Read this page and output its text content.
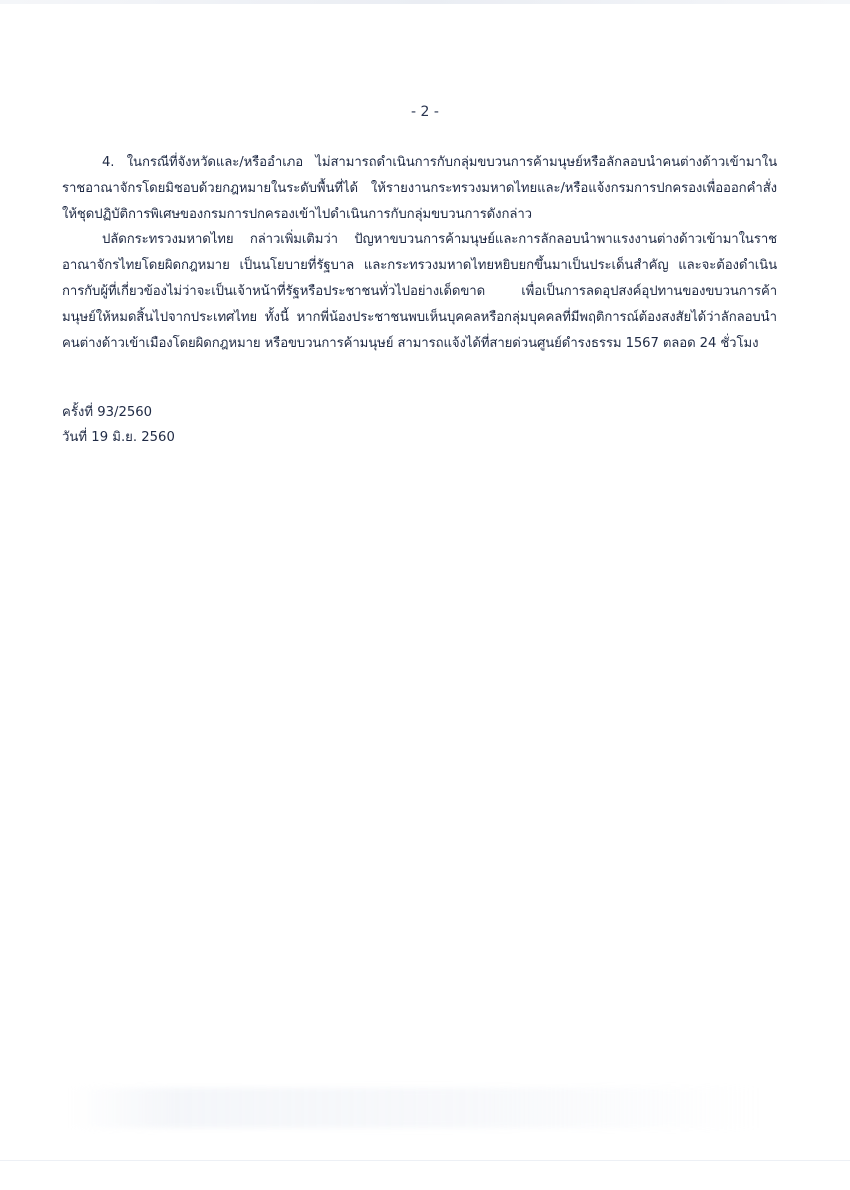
- 2 -

4. ในกรณีที่จังหวัดและ/หรืออำเภอ ไม่สามารถดำเนินการกับกลุ่มขบวนการค้ามนุษย์หรือลักลอบนำคนต่างด้าวเข้ามาในราชอาณาจักรโดยมิชอบด้วยกฎหมายในระดับพื้นที่ได้ ให้รายงานกระทรวงมหาดไทยและ/หรือแจ้งกรมการปกครองเพื่อออกคำสั่งให้ชุดปฏิบัติการพิเศษของกรมการปกครองเข้าไปดำเนินการกับกลุ่มขบวนการดังกล่าว

ปลัดกระทรวงมหาดไทย กล่าวเพิ่มเติมว่า ปัญหาขบวนการค้ามนุษย์และการลักลอบนำพาแรงงานต่างด้าวเข้ามาในราชอาณาจักรไทยโดยผิดกฎหมาย เป็นนโยบายที่รัฐบาล และกระทรวงมหาดไทยหยิบยกขึ้นมาเป็นประเด็นสำคัญ และจะต้องดำเนินการกับผู้ที่เกี่ยวข้องไม่ว่าจะเป็นเจ้าหน้าที่รัฐหรือประชาชนทั่วไปอย่างเด็ดขาด เพื่อเป็นการลดอุปสงค์อุปทานของขบวนการค้ามนุษย์ให้หมดสิ้นไปจากประเทศไทย ทั้งนี้ หากพี่น้องประชาชนพบเห็นบุคคลหรือกลุ่มบุคคลที่มีพฤติการณ์ต้องสงสัยได้ว่าลักลอบนำคนต่างด้าวเข้าเมืองโดยผิดกฎหมาย หรือขบวนการค้ามนุษย์ สามารถแจ้งได้ที่สายด่วนศูนย์ดำรงธรรม 1567 ตลอด 24 ชั่วโมง

ครั้งที่ 93/2560
วันที่ 19 มิ.ย. 2560
